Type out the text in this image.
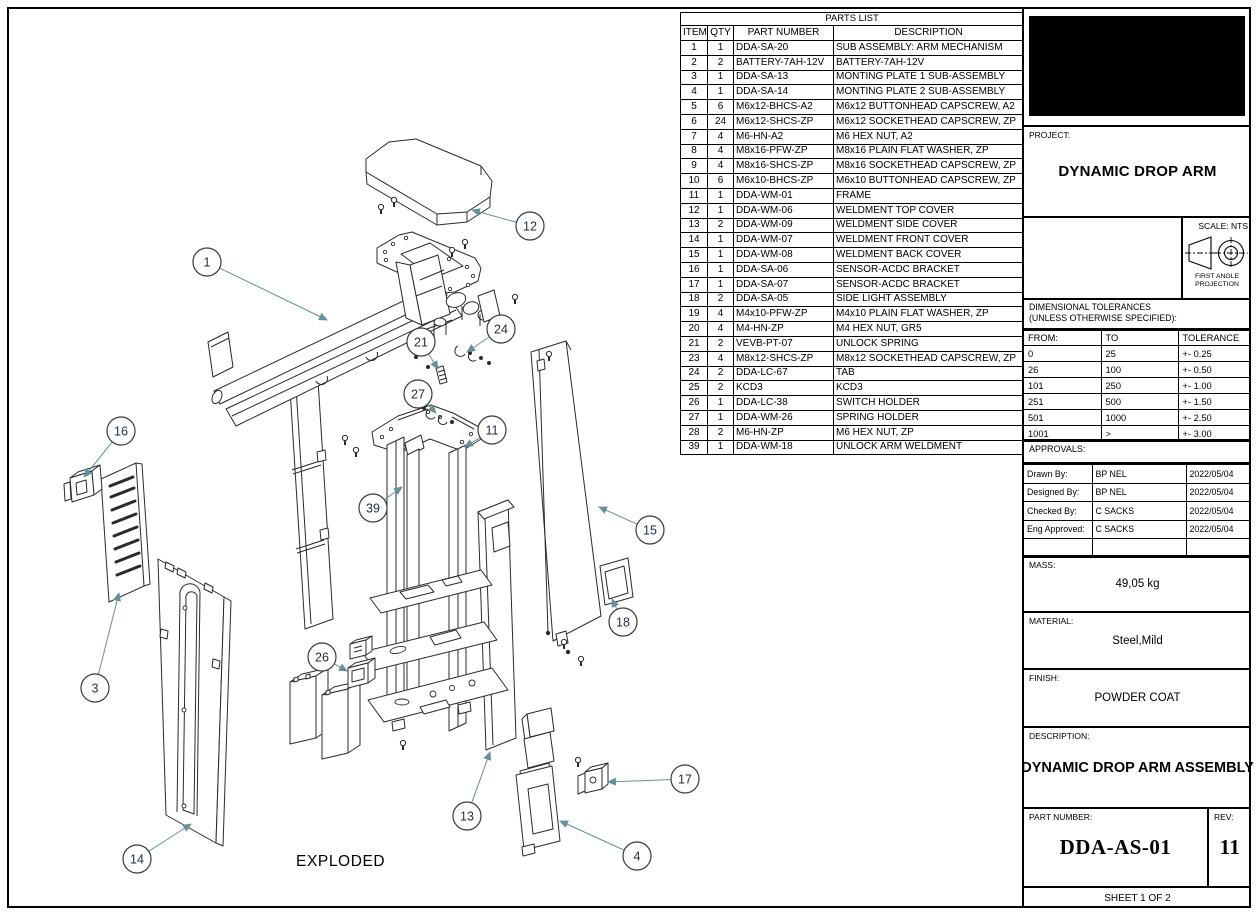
1
12
21
24
27
11
39
16
15
18
26
3
13
17
4
14	EXPLODED
PARTS LIST			
ITEM	QTY	PART NUMBER	DESCRIPTION
1	1	DDA-SA-20	SUB ASSEMBLY: ARM MECHANISM
2	2	BATTERY-7AH-12V	BATTERY-7AH-12V
3	1	DDA-SA-13	MONTING PLATE 1 SUB-ASSEMBLY
4	1	DDA-SA-14	MONTING PLATE 2 SUB-ASSEMBLY
5	6	M6x12-BHCS-A2	M6x12 BUTTONHEAD CAPSCREW, A2
6	24	M6x12-SHCS-ZP	M6x12 SOCKETHEAD CAPSCREW, ZP
7	4	M6-HN-A2	M6 HEX NUT, A2
8	4	M8x16-PFW-ZP	M8x16 PLAIN FLAT WASHER, ZP
9	4	M8x16-SHCS-ZP	M8x16 SOCKETHEAD CAPSCREW, ZP
10	6	M6x10-BHCS-ZP	M6x10 BUTTONHEAD CAPSCREW, ZP
11	1	DDA-WM-01	FRAME
12	1	DDA-WM-06	WELDMENT TOP COVER
13	2	DDA-WM-09	WELDMENT SIDE COVER
14	1	DDA-WM-07	WELDMENT FRONT COVER
15	1	DDA-WM-08	WELDMENT BACK COVER
16	1	DDA-SA-06	SENSOR-ACDC BRACKET
17	1	DDA-SA-07	SENSOR-ACDC BRACKET
18	2	DDA-SA-05	SIDE LIGHT ASSEMBLY
19	4	M4x10-PFW-ZP	M4x10 PLAIN FLAT WASHER, ZP
20	4	M4-HN-ZP	M4 HEX NUT, GR5
21	2	VEVB-PT-07	UNLOCK SPRING
23	4	M8x12-SHCS-ZP	M8x12 SOCKETHEAD CAPSCREW, ZP
24	2	DDA-LC-67	TAB
25	2	KCD3	KCD3
26	1	DDA-LC-38	SWITCH HOLDER
27	1	DDA-WM-26	SPRING HOLDER
28	2	M6-HN-ZP	M6 HEX NUT, ZP
39	1	DDA-WM-18	UNLOCK ARM WELDMENT
PROJECT:
DYNAMIC DROP ARM
SCALE: NTS
FIRST ANGLE
PROJECTION
DIMENSIONAL TOLERANCES
(UNLESS OTHERWISE SPECIFIED):
FROM:	TO	TOLERANCE
0	25	+- 0.25
26	100	+- 0.50
101	250	+- 1.00
251	500	+- 1.50
501	1000	+- 2.50
1001	>	+- 3.00
APPROVALS:
Drawn By:	BP NEL	2022/05/04
Designed By:	BP NEL	2022/05/04
Checked By:	C SACKS	2022/05/04
Eng Approved:	C SACKS	2022/05/04

MASS:
49,05 kg
MATERIAL:
Steel,Mild
FINISH:
POWDER COAT
DESCRIPTION:
DYNAMIC DROP ARM ASSEMBLY
PART NUMBER:
DDA-AS-01
REV:
11
SHEET 1 OF 2
